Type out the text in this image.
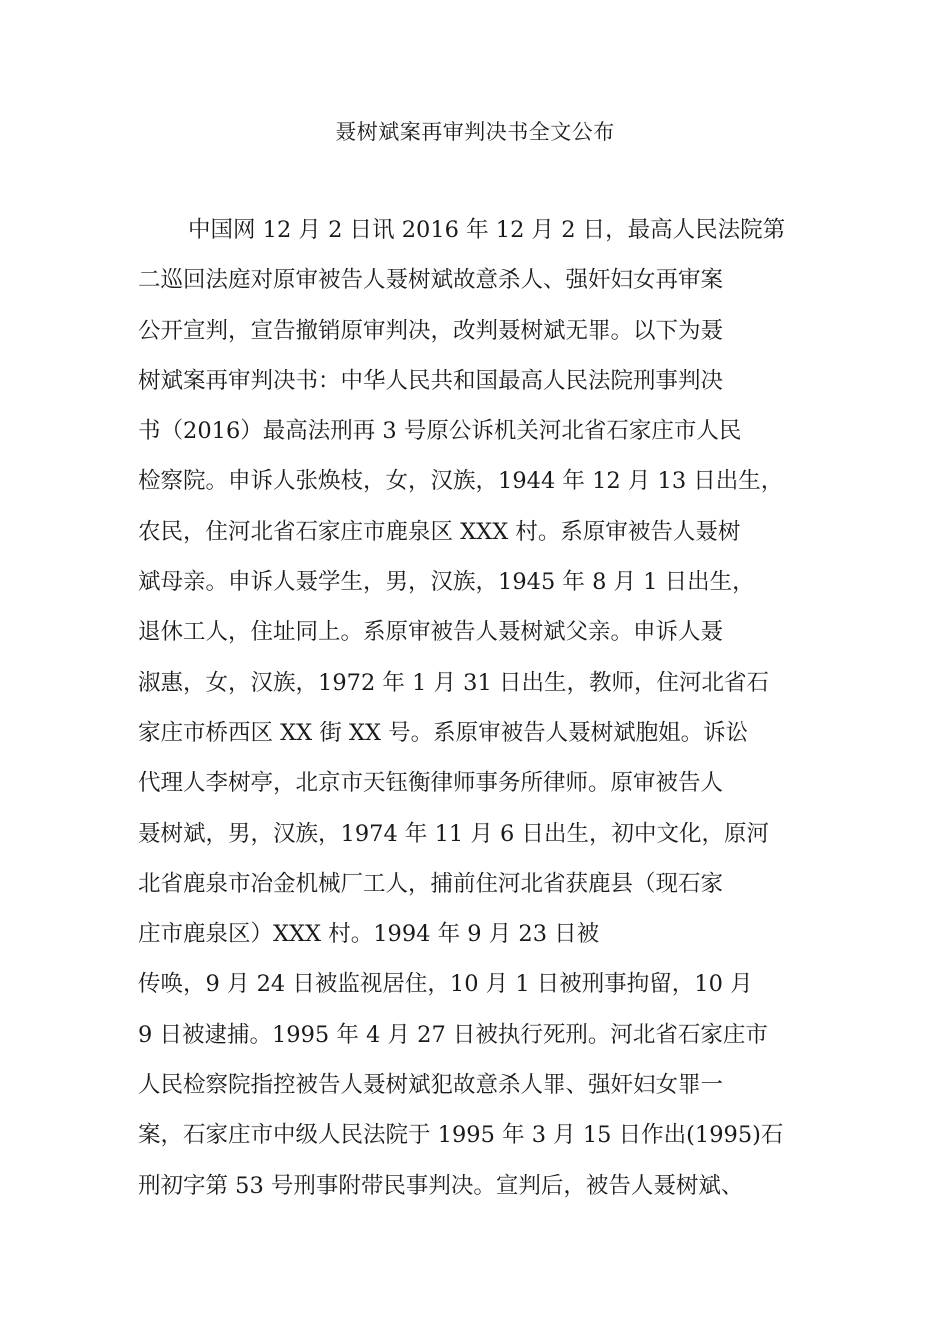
聂树斌案再审判决书全文公布
中国网 12 月 2 日讯 2016 年 12 月 2 日，最高人民法院第
二巡回法庭对原审被告人聂树斌故意杀人、强奸妇女再审案
公开宣判，宣告撤销原审判决，改判聂树斌无罪。以下为聂
树斌案再审判决书：中华人民共和国最高人民法院刑事判决
书（2016）最高法刑再 3 号原公诉机关河北省石家庄市人民
检察院。申诉人张焕枝，女，汉族，1944 年 12 月 13 日出生，
农民，住河北省石家庄市鹿泉区 XXX 村。系原审被告人聂树
斌母亲。申诉人聂学生，男，汉族，1945 年 8 月 1 日出生，
退休工人，住址同上。系原审被告人聂树斌父亲。申诉人聂
淑惠，女，汉族，1972 年 1 月 31 日出生，教师，住河北省石
家庄市桥西区 XX 街 XX 号。系原审被告人聂树斌胞姐。诉讼
代理人李树亭，北京市天钰衡律师事务所律师。原审被告人
聂树斌，男，汉族，1974 年 11 月 6 日出生，初中文化，原河
北省鹿泉市冶金机械厂工人，捕前住河北省获鹿县（现石家
庄市鹿泉区）XXX 村。1994 年 9 月 23 日被
传唤，9 月 24 日被监视居住，10 月 1 日被刑事拘留，10 月
9 日被逮捕。1995 年 4 月 27 日被执行死刑。河北省石家庄市
人民检察院指控被告人聂树斌犯故意杀人罪、强奸妇女罪一
案，石家庄市中级人民法院于 1995 年 3 月 15 日作出(1995)石
刑初字第 53 号刑事附带民事判决。宣判后，被告人聂树斌、
